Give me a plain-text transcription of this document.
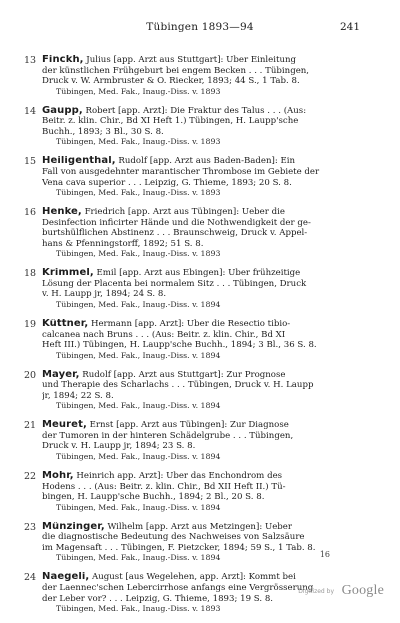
Tübingen 1893—94	241
13 Finckh, Julius [app. Arzt aus Stuttgart]: Über Einleitung
der künstlichen Frühgeburt bei engem Becken . . . Tübingen,
Druck v. W. Armbruster & O. Riecker, 1893; 44 S., 1 Tab. 8.
Tübingen, Med. Fak., Inaug.-Diss. v. 1893
14 Gaupp, Robert [app. Arzt]: Die Fraktur des Talus . . . (Aus:
Beitr. z. klin. Chir., Bd XI Heft 1.) Tübingen, H. Laupp'sche
Buchh., 1893; 3 Bl., 30 S. 8.
Tübingen, Med. Fak., Inaug.-Diss. v. 1893
15 Heiligenthal, Rudolf [app. Arzt aus Baden-Baden]: Ein
Fall von ausgedehnter marantischer Thrombose im Gebiete der
Vena cava superior . . . Leipzig, G. Thieme, 1893; 20 S. 8.
Tübingen, Med. Fak., Inaug.-Diss. v. 1893
16 Henke, Friedrich [app. Arzt aus Tübingen]: Ueber die
Desinfection inficirter Hände und die Nothwendigkeit der ge-
burtshülflichen Abstinenz . . . Braunschweig, Druck v. Appel-
hans & Pfenningstorff, 1892; 51 S. 8.
Tübingen, Med. Fak., Inaug.-Diss. v. 1893
18 Krimmel, Emil [app. Arzt aus Ebingen]: Über frühzeitige
Lösung der Placenta bei normalem Sitz . . . Tübingen, Druck
v. H. Laupp jr, 1894; 24 S. 8.
Tübingen, Med. Fak., Inaug.-Diss. v. 1894
19 Küttner, Hermann [app. Arzt]: Über die Resectio tibio-
calcanea nach Bruns . . . (Aus: Beitr. z. klin. Chir., Bd XI
Heft III.) Tübingen, H. Laupp'sche Buchh., 1894; 3 Bl., 36 S. 8.
Tübingen, Med. Fak., Inaug.-Diss. v. 1894
20 Mayer, Rudolf [app. Arzt aus Stuttgart]: Zur Prognose
und Therapie des Scharlachs . . . Tübingen, Druck v. H. Laupp
jr, 1894; 22 S. 8.
Tübingen, Med. Fak., Inaug.-Diss. v. 1894
21 Meuret, Ernst [app. Arzt aus Tübingen]: Zur Diagnose
der Tumoren in der hinteren Schädelgrube . . . Tübingen,
Druck v. H. Laupp jr, 1894; 23 S. 8.
Tübingen, Med. Fak., Inaug.-Diss. v. 1894
22 Mohr, Heinrich app. Arzt]: Über das Enchondrom des
Hodens . . . (Aus: Beitr. z. klin. Chir., Bd XII Heft II.) Tü-
bingen, H. Laupp'sche Buchh., 1894; 2 Bl., 20 S. 8.
Tübingen, Med. Fak., Inaug.-Diss. v. 1894
23 Münzinger, Wilhelm [app. Arzt aus Metzingen]: Ueber
die diagnostische Bedeutung des Nachweises von Salzsäure
im Magensaft . . . Tübingen, F. Pietzcker, 1894; 59 S., 1 Tab. 8.
Tübingen, Med. Fak., Inaug.-Diss. v. 1894
24 Naegeli, August [aus Wegelehen, app. Arzt]: Kommt bei
der Laennec'schen Lebercirrhose anfangs eine Vergrösserung
der Leber vor? . . . Leipzig, G. Thieme, 1893; 19 S. 8.
Tübingen, Med. Fak., Inaug.-Diss. v. 1893
16
Digitized by Google
